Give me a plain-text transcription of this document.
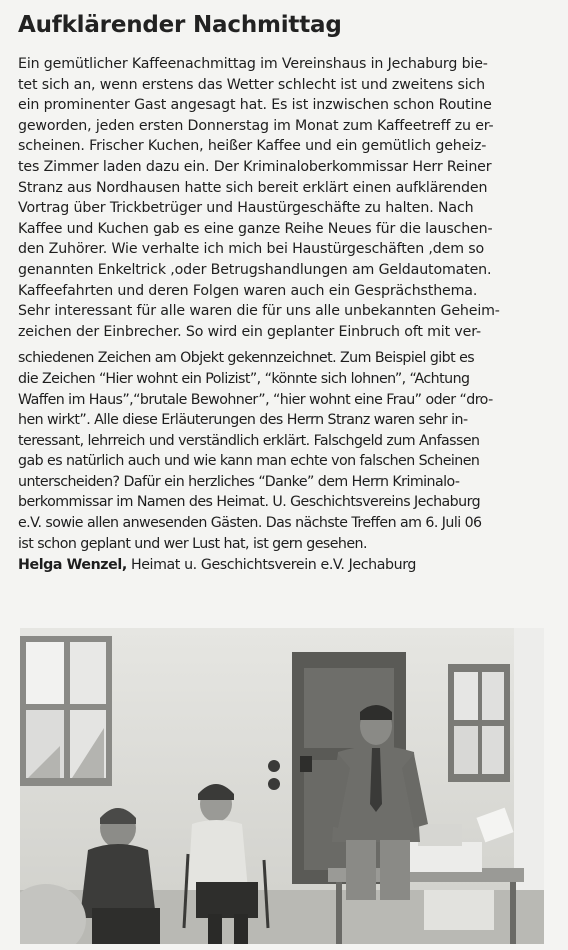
Aufklärender Nachmittag
Ein gemütlicher Kaffeenachmittag im Vereinshaus in Jechaburg bie-
tet sich an, wenn erstens das Wetter schlecht ist und zweitens sich
ein prominenter Gast angesagt hat. Es ist inzwischen schon Routine
geworden, jeden ersten Donnerstag im Monat zum Kaffeetreff zu er-
scheinen. Frischer Kuchen, heißer Kaffee und ein gemütlich geheiz-
tes Zimmer laden dazu ein. Der Kriminaloberkommissar Herr Reiner
Stranz aus Nordhausen hatte sich bereit erklärt einen aufklärenden
Vortrag über Trickbetrüger und Haustürgeschäfte zu halten. Nach
Kaffee und Kuchen gab es eine ganze Reihe Neues für die lauschen-
den Zuhörer. Wie verhalte ich mich bei Haustürgeschäften ,dem so
genannten Enkeltrick ,oder Betrugshandlungen am Geldautomaten.
Kaffeefahrten und deren Folgen waren auch ein Gesprächsthema.
Sehr interessant für alle waren die für uns alle unbekannten Geheim-
zeichen der Einbrecher. So wird ein geplanter Einbruch oft mit ver-
schiedenen Zeichen am Objekt gekennzeichnet. Zum Beispiel gibt es
die Zeichen “Hier wohnt ein Polizist”, “könnte sich lohnen”, “Achtung
Waffen im Haus”,“brutale Bewohner”, “hier wohnt eine Frau” oder “dro-
hen wirkt”. Alle diese Erläuterungen des Herrn Stranz waren sehr in-
teressant, lehrreich und verständlich erklärt. Falschgeld zum Anfassen
gab es natürlich auch und wie kann man echte von falschen Scheinen
unterscheiden? Dafür ein herzliches “Danke” dem Herrn Kriminalo-
berkommissar im Namen des Heimat. U. Geschichtsvereins Jechaburg
e.V. sowie allen anwesenden Gästen. Das nächste Treffen am 6. Juli 06
ist schon geplant und wer Lust hat, ist gern gesehen.
Helga Wenzel, Heimat u. Geschichtsverein e.V. Jechaburg
